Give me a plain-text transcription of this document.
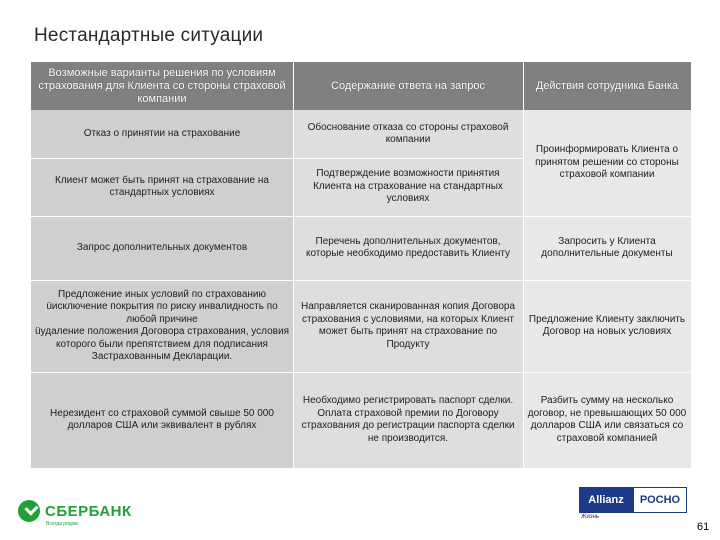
Нестандартные ситуации
Возможные варианты решения по условиям страхования для Клиента со стороны страховой компании
Содержание ответа на запрос	Действия сотрудника Банка
Отказ о принятии на страхование
Обоснование отказа со стороны страховой компании
Клиент может быть принят на страхование на стандартных условиях
Подтверждение возможности принятия Клиента на страхование на стандартных условиях
Проинформировать Клиента о принятом решении со стороны страховой компании
Запрос дополнительных документов
Перечень дополнительных документов, которые необходимо предоставить Клиенту
Запросить у Клиента дополнительные документы
Предложение иных условий по страхованию
üисключение покрытия по риску инвалидность по любой причине
üудаление положения Договора страхования, условия которого были препятствием для подписания Застрахованным Декларации.
Направляется сканированная копия Договора страхования с условиями, на которых Клиент может быть принят на страхование по Продукту
Предложение Клиенту заключить Договор на новых условиях
Нерезидент со страховой суммой свыше 50 000 долларов США или эквивалент в рублях
Необходимо регистрировать паспорт сделки. Оплата страховой премии по Договору страхования до регистрации паспорта сделки не производится.
Разбить сумму на несколько договор, не превышающих 50 000 долларов США или связаться со страховой компанией
СБЕРБАНК
Всегда рядом
Allianz	РОСНО
Жизнь
61
